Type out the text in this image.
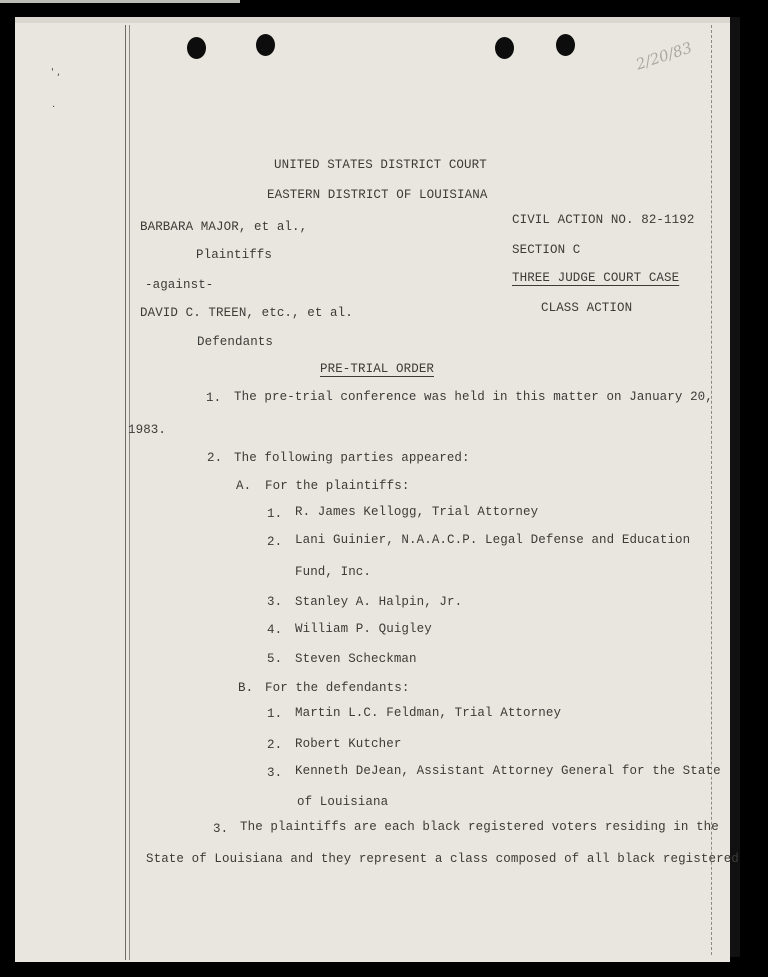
' ,
·
2/20/83
UNITED STATES DISTRICT COURT
EASTERN DISTRICT OF LOUISIANA
BARBARA MAJOR, et al.,
Plaintiffs
-against-
DAVID C. TREEN, etc., et al.
Defendants
CIVIL ACTION NO. 82-1192
SECTION C
THREE JUDGE COURT CASE
CLASS ACTION
PRE-TRIAL ORDER
1. The pre-trial conference was held in this matter on January 20,
1983.
2. The following parties appeared:
A. For the plaintiffs:
1. R. James Kellogg, Trial Attorney
2. Lani Guinier, N.A.A.C.P. Legal Defense and Education
Fund, Inc.
3. Stanley A. Halpin, Jr.
4. William P. Quigley
5. Steven Scheckman
B. For the defendants:
1. Martin L.C. Feldman, Trial Attorney
2. Robert Kutcher
3. Kenneth DeJean, Assistant Attorney General for the State
of Louisiana
3. The plaintiffs are each black registered voters residing in the
State of Louisiana and they represent a class composed of all black registered
